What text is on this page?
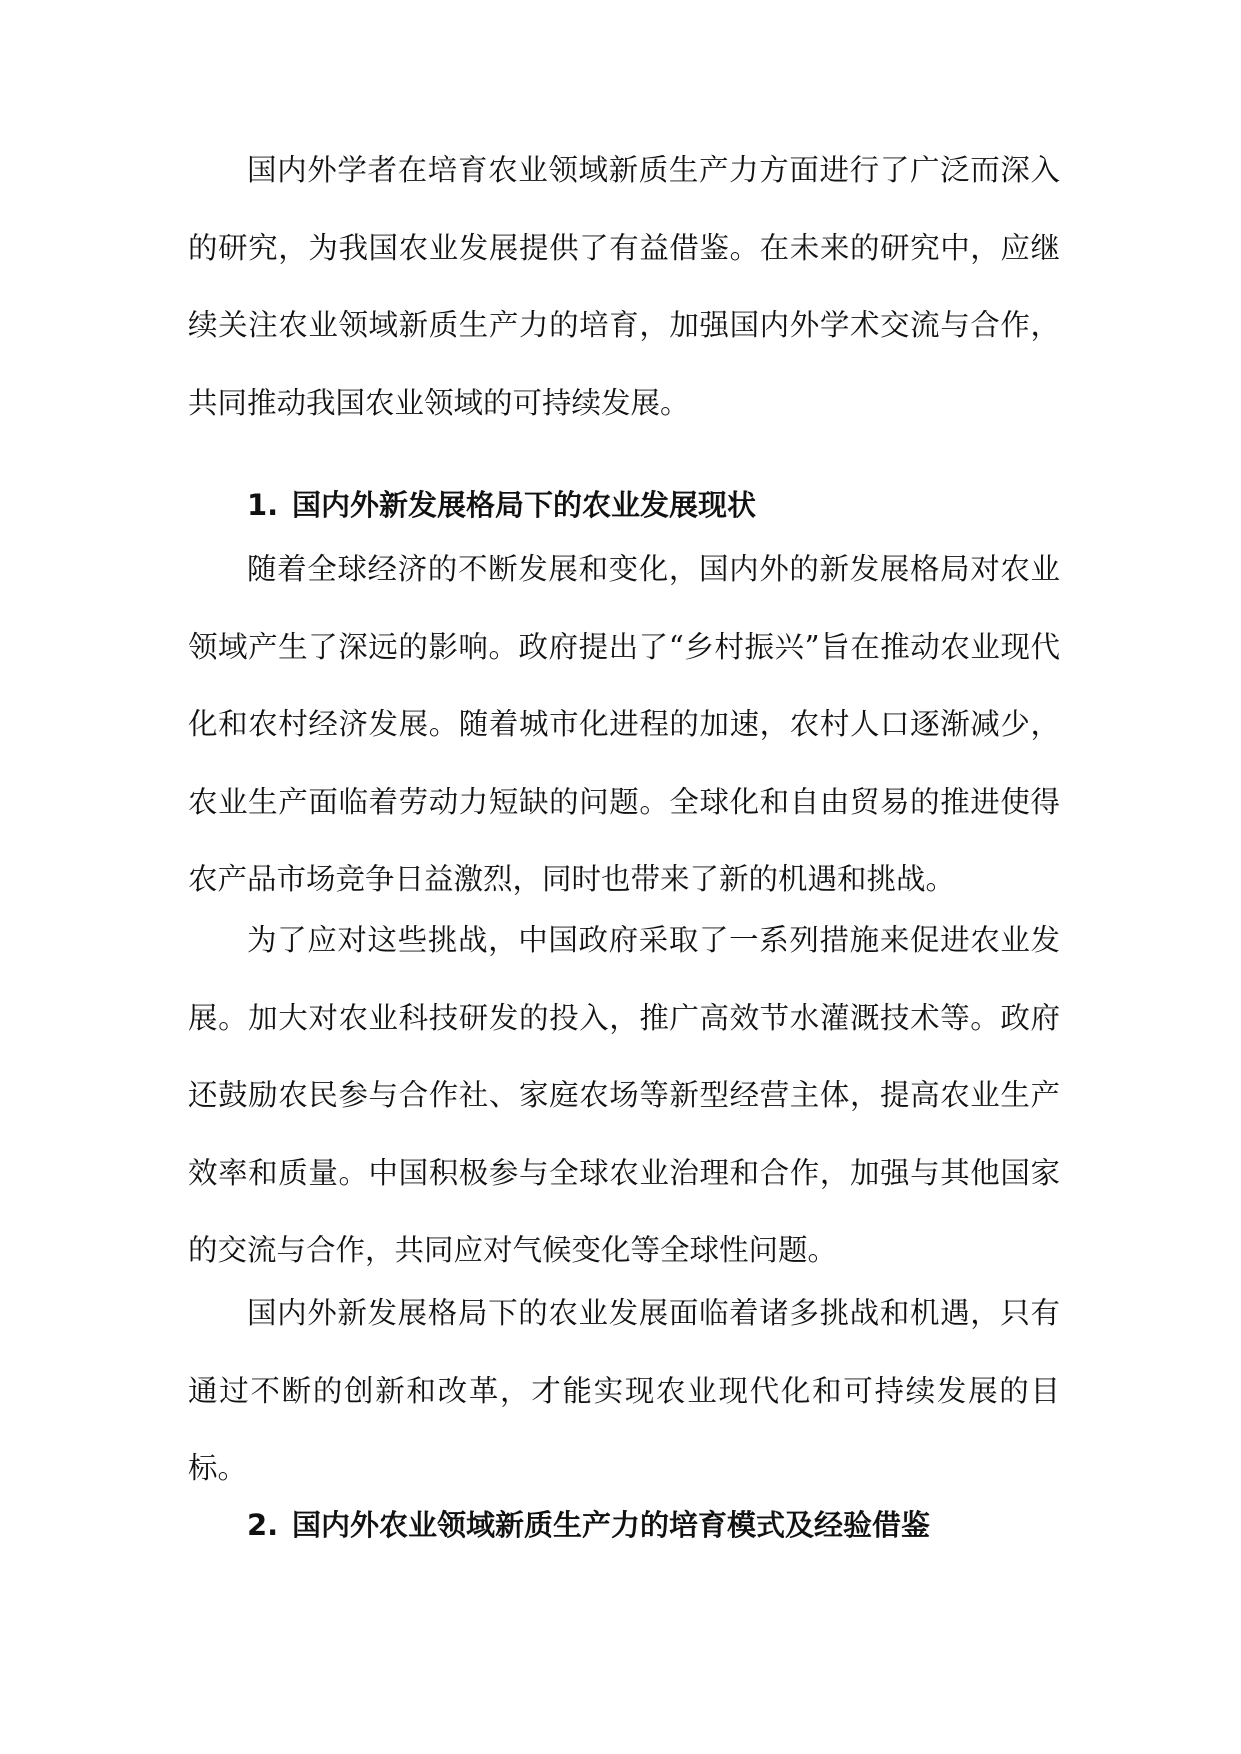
国内外学者在培育农业领域新质生产力方面进行了广泛而深入的研究，为我国农业发展提供了有益借鉴。在未来的研究中，应继续关注农业领域新质生产力的培育，加强国内外学术交流与合作，共同推动我国农业领域的可持续发展。

1. 国内外新发展格局下的农业发展现状

随着全球经济的不断发展和变化，国内外的新发展格局对农业领域产生了深远的影响。政府提出了“乡村振兴”旨在推动农业现代化和农村经济发展。随着城市化进程的加速，农村人口逐渐减少，农业生产面临着劳动力短缺的问题。全球化和自由贸易的推进使得农产品市场竞争日益激烈，同时也带来了新的机遇和挑战。

为了应对这些挑战，中国政府采取了一系列措施来促进农业发展。加大对农业科技研发的投入，推广高效节水灌溉技术等。政府还鼓励农民参与合作社、家庭农场等新型经营主体，提高农业生产效率和质量。中国积极参与全球农业治理和合作，加强与其他国家的交流与合作，共同应对气候变化等全球性问题。

国内外新发展格局下的农业发展面临着诸多挑战和机遇，只有通过不断的创新和改革，才能实现农业现代化和可持续发展的目标。

2. 国内外农业领域新质生产力的培育模式及经验借鉴
